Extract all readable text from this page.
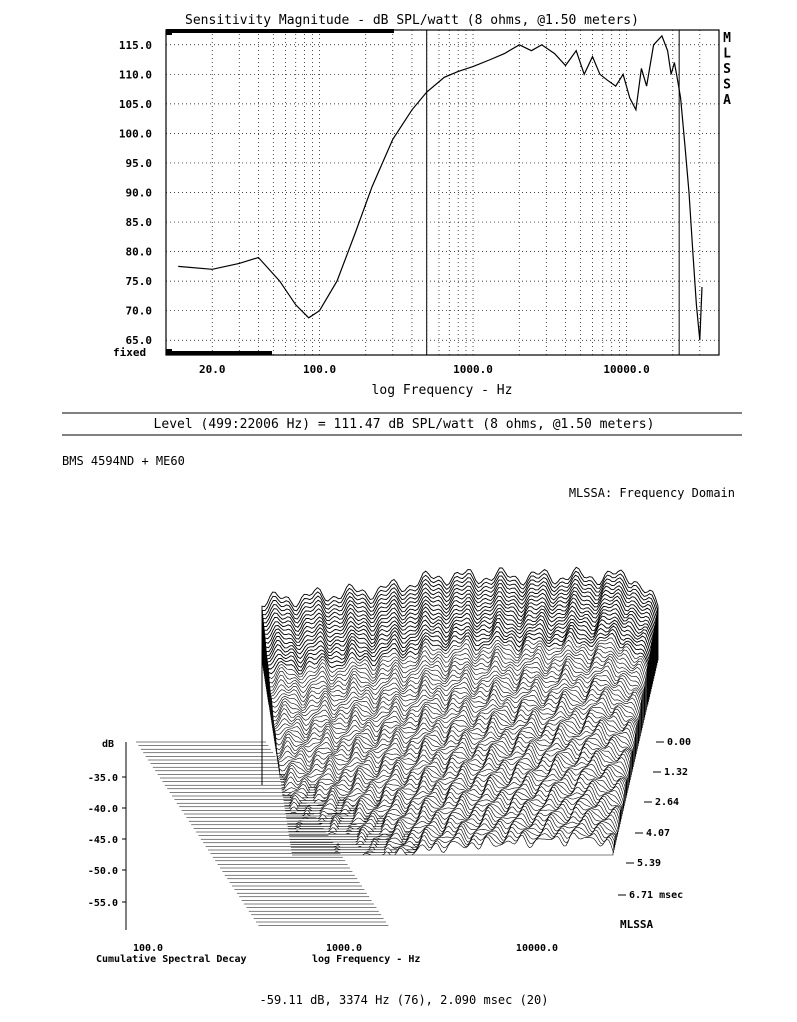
Sensitivity Magnitude - dB SPL/watt (8 ohms, @1.50 meters)
115.0
110.0
105.0
100.0
95.0
90.0
85.0
80.0
75.0
70.0
65.0
20.0	100.0	1000.0	10000.0
M
L
S
S
A
fixed
log Frequency - Hz
Level (499:22006 Hz) = 111.47 dB SPL/watt (8 ohms, @1.50 meters)
BMS 4594ND + ME60
MLSSA: Frequency Domain
dB
-35.0
-40.0
-45.0
-50.0
-55.0
0.00
1.32
2.64
4.07
5.39
6.71 msec
MLSSA
100.0	1000.0	10000.0
Cumulative Spectral Decay	log Frequency - Hz
-59.11 dB, 3374 Hz (76), 2.090 msec (20)
